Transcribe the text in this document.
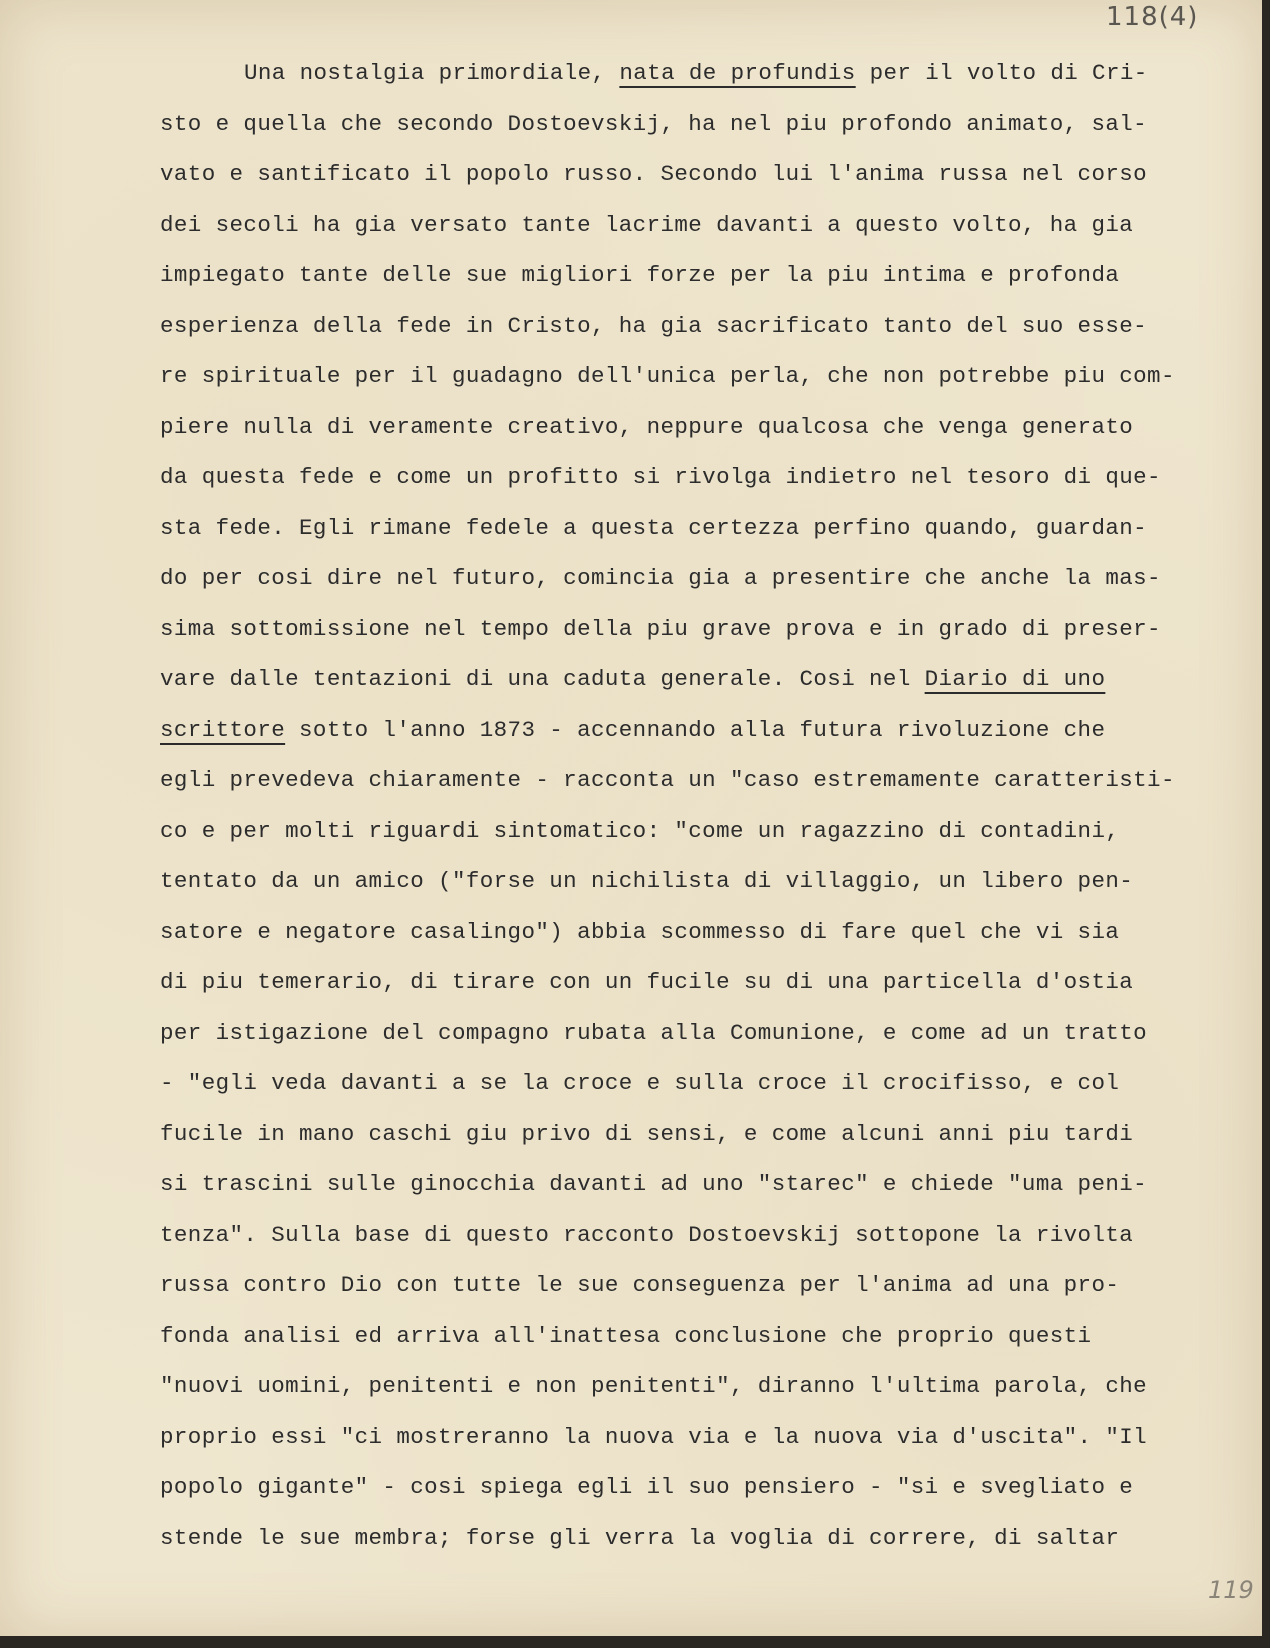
118(4)
Una nostalgia primordiale, nata de profundis per il volto di Cri-
sto e quella che secondo Dostoevskij, ha nel piu profondo animato, sal-
vato e santificato il popolo russo. Secondo lui l'anima russa nel corso
dei secoli ha gia versato tante lacrime davanti a questo volto, ha gia
impiegato tante delle sue migliori forze per la piu intima e profonda
esperienza della fede in Cristo, ha gia sacrificato tanto del suo esse-
re spirituale per il guadagno dell'unica perla, che non potrebbe piu com-
piere nulla di veramente creativo, neppure qualcosa che venga generato
da questa fede e come un profitto si rivolga indietro nel tesoro di que-
sta fede. Egli rimane fedele a questa certezza perfino quando, guardan-
do per cosi dire nel futuro, comincia gia a presentire che anche la mas-
sima sottomissione nel tempo della piu grave prova e in grado di preser-
vare dalle tentazioni di una caduta generale. Cosi nel Diario di uno
scrittore sotto l'anno 1873 - accennando alla futura rivoluzione che
egli prevedeva chiaramente - racconta un "caso estremamente caratteristi-
co e per molti riguardi sintomatico: "come un ragazzino di contadini,
tentato da un amico ("forse un nichilista di villaggio, un libero pen-
satore e negatore casalingo") abbia scommesso di fare quel che vi sia
di piu temerario, di tirare con un fucile su di una particella d'ostia
per istigazione del compagno rubata alla Comunione, e come ad un tratto
- "egli veda davanti a se la croce e sulla croce il crocifisso, e col
fucile in mano caschi giu privo di sensi, e come alcuni anni piu tardi
si trascini sulle ginocchia davanti ad uno "starec" e chiede "uma peni-
tenza". Sulla base di questo racconto Dostoevskij sottopone la rivolta
russa contro Dio con tutte le sue conseguenza per l'anima ad una pro-
fonda analisi ed arriva all'inattesa conclusione che proprio questi
"nuovi uomini, penitenti e non penitenti", diranno l'ultima parola, che
proprio essi "ci mostreranno la nuova via e la nuova via d'uscita". "Il
popolo gigante" - cosi spiega egli il suo pensiero - "si e svegliato e
stende le sue membra; forse gli verra la voglia di correre, di saltar
119
